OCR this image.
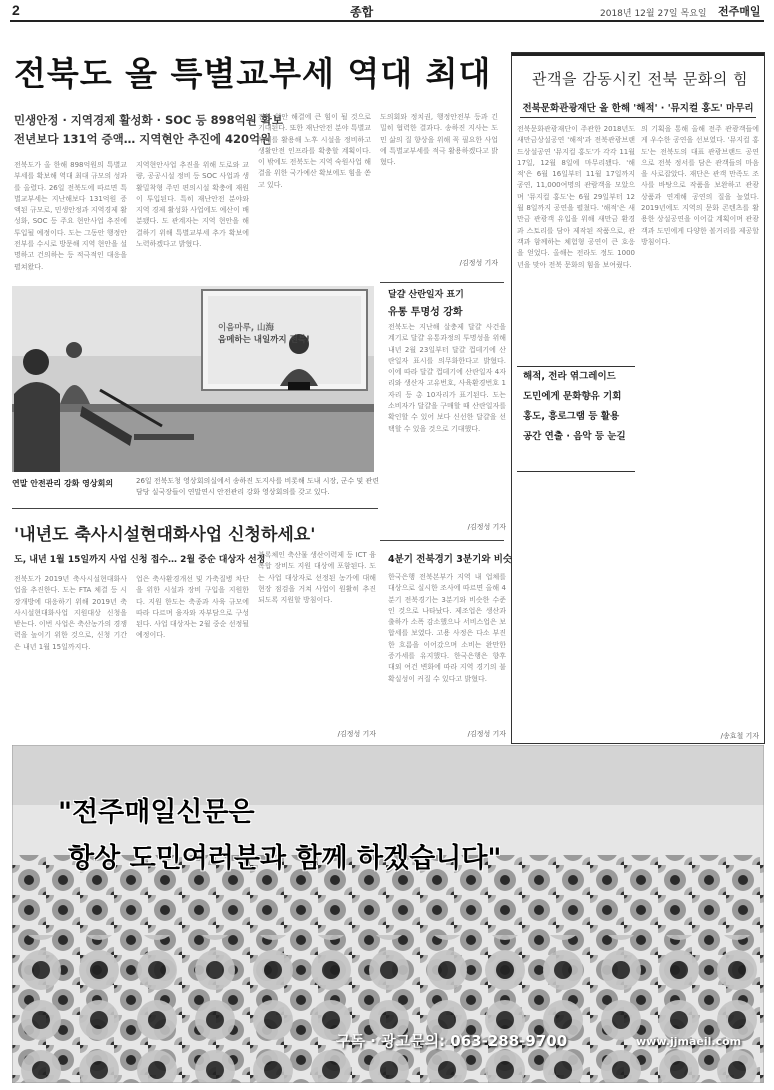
2	종합	2018년 12월 27일 목요일 전주매일
전북도 올 특별교부세 역대 최대
민생안정 · 지역경제 활성화 · SOC 등 898억원 확보
전년보다 131억 증액… 지역현안 추진에 420억원
전북도가 올 한해 898억원의 특별교부세를 확보해 역대 최대 규모의 성과를 올렸다. 26일 전북도에 따르면 특별교부세는 지난해보다 131억원 증액된 규모로, 민생안정과 지역경제 활성화, SOC 등 주요 현안사업 추진에 투입될 예정이다. 도는 그동안 행정안전부를 수시로 방문해 지역 현안을 설명하고 건의하는 등 적극적인 대응을 펼쳐왔다.
지역현안사업 추진을 위해 도로와 교량, 공공시설 정비 등 SOC 사업과 생활밀착형 주민 편의시설 확충에 재원이 투입된다. 특히 재난안전 분야와 지역 경제 활성화 사업에도 예산이 배분됐다. 도 관계자는 지역 현안을 해결하기 위해 특별교부세 추가 확보에 노력하겠다고 밝혔다.
전북 현안 해결에 큰 힘이 될 것으로 기대된다. 또한 재난안전 분야 특별교부세를 활용해 노후 시설을 정비하고 생활안전 인프라를 확충할 계획이다. 이 밖에도 전북도는 지역 숙원사업 해결을 위한 국가예산 확보에도 힘을 쏟고 있다.
도의회와 정치권, 행정안전부 등과 긴밀히 협력한 결과다. 송하진 지사는 도민 삶의 질 향상을 위해 꼭 필요한 사업에 특별교부세를 적극 활용하겠다고 밝혔다.
/김정성 기자
관객을 감동시킨 전북 문화의 힘
전북문화관광재단 올 한해 '해적' · '뮤지컬 홍도' 마무리
전북문화관광재단이 주관한 2018년도 새만금상설공연 '해적'과 전북관광브랜드상설공연 '뮤지컬 홍도'가 각각 11월 17일, 12월 8일에 마무리됐다. '해적'은 6월 16일부터 11월 17일까지 공연, 11,000여명의 관람객을 모았으며 '뮤지컬 홍도'는 6월 29일부터 12월 8일까지 공연을 펼쳤다. '해적'은 새만금 관광객 유입을 위해 새만금 환경과 스토리를 담아 제작된 작품으로, 관객과 함께하는 체험형 공연이 큰 호응을 얻었다. 올해는 전라도 정도 1000년을 맞아 전북 문화의 힘을 보여줬다.
의 기획을 통해 올해 전주 관광객들에게 우수한 공연을 선보였다. '뮤지컬 홍도'는 전북도의 대표 관광브랜드 공연으로 전북 정서를 담은 관객들의 마음을 사로잡았다. 재단은 관객 만족도 조사를 바탕으로 작품을 보완하고 관광 상품과 연계해 공연의 질을 높였다. 2019년에도 지역의 문화 콘텐츠를 활용한 상설공연을 이어갈 계획이며 관광객과 도민에게 다양한 볼거리를 제공할 방침이다.
해적, 전라 엮그레이드
도민에게 문화향유 기회
홍도, 흥로그램 등 활용
공간 연출 · 음악 등 눈길
/송효철 기자
이음마루, 山海
음메하는 내일까지 전북!
연말 안전관리 강화 영상회의	26일 전북도청 영상회의실에서 송하진 도지사를 비롯해 도내 시장, 군수 및 관련 담당 실국장들이 연말연시 안전관리 강화 영상회의를 갖고 있다.
달걀 산란일자 표기
유통 투명성 강화
전북도는 지난해 살충제 달걀 사건을 계기로 달걀 유통과정의 투명성을 위해 내년 2월 23일부터 달걀 껍데기에 산란일자 표시를 의무화한다고 밝혔다. 이에 따라 달걀 껍데기에 산란일자 4자리와 생산자 고유번호, 사육환경번호 1자리 등 총 10자리가 표기된다. 도는 소비자가 달걀을 구매할 때 산란일자를 확인할 수 있어 보다 신선한 달걀을 선택할 수 있을 것으로 기대했다.
/김정성 기자
'내년도 축사시설현대화사업 신청하세요'
도, 내년 1월 15일까지 사업 신청 접수… 2월 중순 대상자 선정
전북도가 2019년 축사시설현대화사업을 추진한다. 도는 FTA 체결 등 시장개방에 대응하기 위해 2019년 축사시설현대화사업 지원대상 신청을 받는다. 이번 사업은 축산농가의 경쟁력을 높이기 위한 것으로, 신청 기간은 내년 1월 15일까지다.
업은 축사환경개선 및 가축질병 차단을 위한 시설과 장비 구입을 지원한다. 지원 한도는 축종과 사육 규모에 따라 다르며 융자와 자부담으로 구성된다. 사업 대상자는 2월 중순 선정될 예정이다.
블록체인 축산물 생산이력제 등 ICT 융복합 장비도 지원 대상에 포함된다. 도는 사업 대상자로 선정된 농가에 대해 현장 점검을 거쳐 사업이 원활히 추진되도록 지원할 방침이다.
/김정성 기자
4분기 전북경기 3분기와 비슷
한국은행 전북본부가 지역 내 업체를 대상으로 실시한 조사에 따르면 올해 4분기 전북경기는 3분기와 비슷한 수준인 것으로 나타났다. 제조업은 생산과 출하가 소폭 감소했으나 서비스업은 보합세를 보였다. 고용 사정은 다소 부진한 흐름을 이어갔으며 소비는 완만한 증가세를 유지했다. 한국은행은 향후 대외 여건 변화에 따라 지역 경기의 불확실성이 커질 수 있다고 밝혔다.
/김정성 기자
"전주매일신문은
항상 도민여러분과 함께 하겠습니다"
구독 · 광고문의: 063-288-9700	www.jjmaeil.com
